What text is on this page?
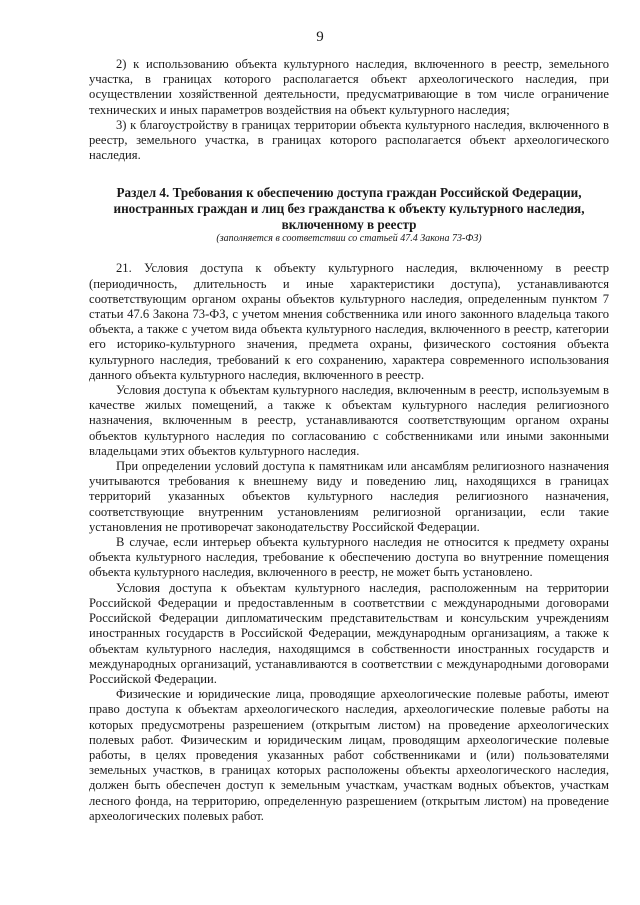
9

2) к использованию объекта культурного наследия, включенного в реестр, земельного участка, в границах которого располагается объект археологического наследия, при осуществлении хозяйственной деятельности, предусматривающие в том числе ограничение технических и иных параметров воздействия на объект культурного наследия;

3) к благоустройству в границах территории объекта культурного наследия, включенного в реестр, земельного участка, в границах которого располагается объект археологического наследия.

Раздел 4. Требования к обеспечению доступа граждан Российской Федерации,
иностранных граждан и лиц без гражданства к объекту культурного наследия,
включенному в реестр
(заполняется в соответствии со статьей 47.4 Закона 73-ФЗ)

21. Условия доступа к объекту культурного наследия, включенному в реестр (периодичность, длительность и иные характеристики доступа), устанавливаются соответствующим органом охраны объектов культурного наследия, определенным пунктом 7 статьи 47.6 Закона 73-ФЗ, с учетом мнения собственника или иного законного владельца такого объекта, а также с учетом вида объекта культурного наследия, включенного в реестр, категории его историко-культурного значения, предмета охраны, физического состояния объекта культурного наследия, требований к его сохранению, характера современного использования данного объекта культурного наследия, включенного в реестр.

Условия доступа к объектам культурного наследия, включенным в реестр, используемым в качестве жилых помещений, а также к объектам культурного наследия религиозного назначения, включенным в реестр, устанавливаются соответствующим органом охраны объектов культурного наследия по согласованию с собственниками или иными законными владельцами этих объектов культурного наследия.

При определении условий доступа к памятникам или ансамблям религиозного назначения учитываются требования к внешнему виду и поведению лиц, находящихся в границах территорий указанных объектов культурного наследия религиозного назначения, соответствующие внутренним установлениям религиозной организации, если такие установления не противоречат законодательству Российской Федерации.

В случае, если интерьер объекта культурного наследия не относится к предмету охраны объекта культурного наследия, требование к обеспечению доступа во внутренние помещения объекта культурного наследия, включенного в реестр, не может быть установлено.

Условия доступа к объектам культурного наследия, расположенным на территории Российской Федерации и предоставленным в соответствии с международными договорами Российской Федерации дипломатическим представительствам и консульским учреждениям иностранных государств в Российской Федерации, международным организациям, а также к объектам культурного наследия, находящимся в собственности иностранных государств и международных организаций, устанавливаются в соответствии с международными договорами Российской Федерации.

Физические и юридические лица, проводящие археологические полевые работы, имеют право доступа к объектам археологического наследия, археологические полевые работы на которых предусмотрены разрешением (открытым листом) на проведение археологических полевых работ. Физическим и юридическим лицам, проводящим археологические полевые работы, в целях проведения указанных работ собственниками и (или) пользователями земельных участков, в границах которых расположены объекты археологического наследия, должен быть обеспечен доступ к земельным участкам, участкам водных объектов, участкам лесного фонда, на территорию, определенную разрешением (открытым листом) на проведение археологических полевых работ.
